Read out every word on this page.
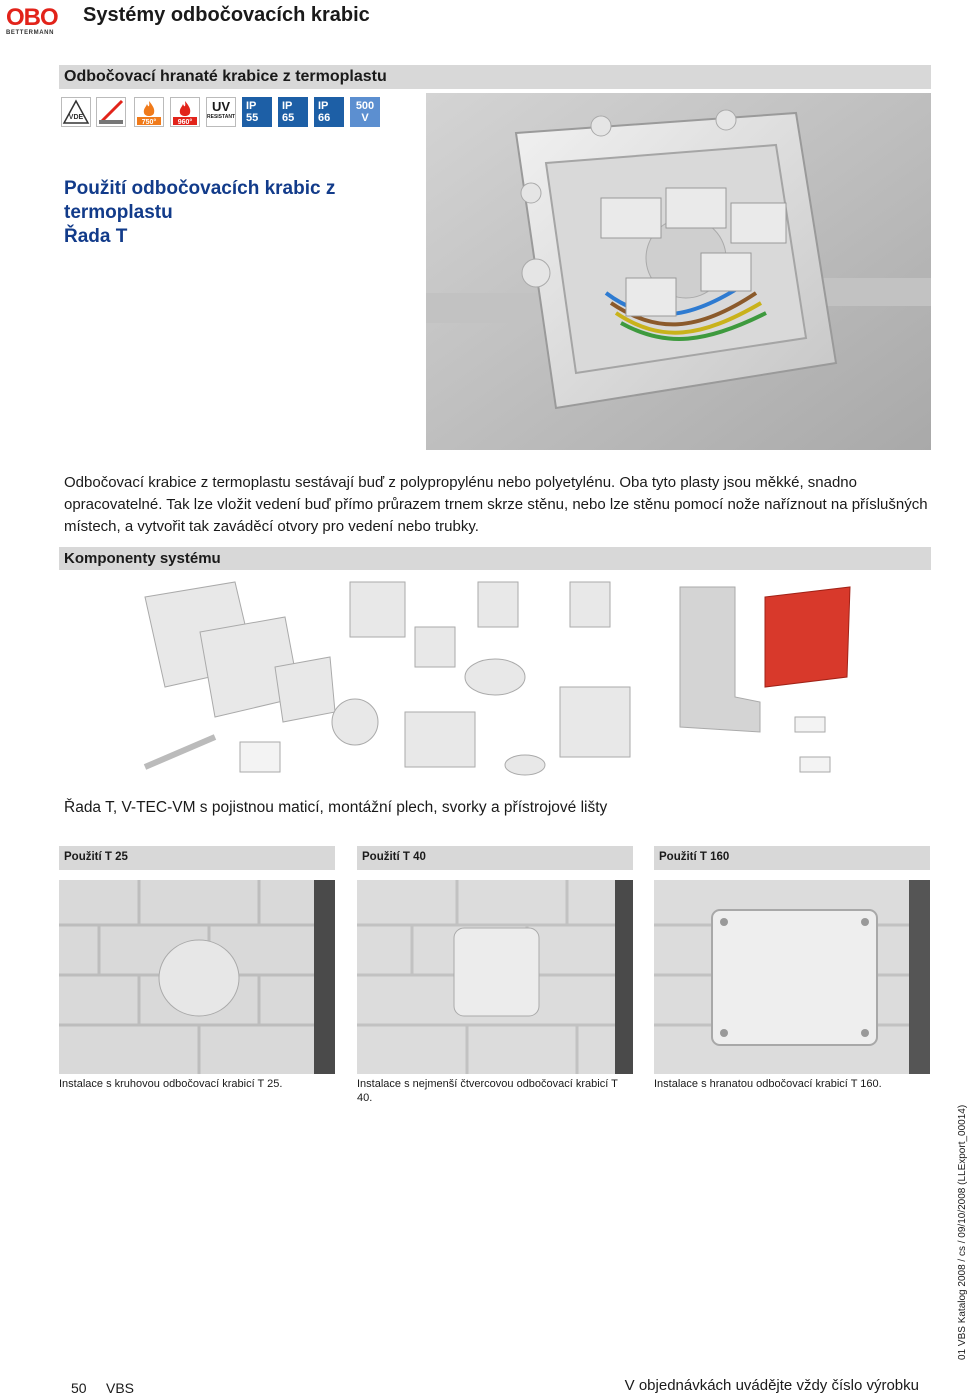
OBO
BETTERMANN
Systémy odbočovacích krabic
Odbočovací hranaté krabice z termoplastu
VDE
750°	960°
UV
RESISTANT
IP
55
IP
65
IP
66
500
V
Použití odbočovacích krabic z
termoplastu
Řada T
Odbočovací krabice z termoplastu sestávají buď z polypropylénu nebo polyetylénu. Oba tyto plasty jsou měkké, snadno opracovatelné. Tak lze vložit vedení buď přímo průrazem trnem skrze stěnu, nebo lze stěnu pomocí nože naříznout na příslušných místech, a vytvořit tak zaváděcí otvory pro vedení nebo trubky.
Komponenty systému
Řada T, V-TEC-VM s pojistnou maticí, montážní plech, svorky a přístrojové lišty
Použití T 25	Použití T 40	Použití T 160
Instalace s kruhovou odbočovací krabicí T 25.	Instalace s nejmenší čtvercovou odbočovací krabicí T 40.
Instalace s hranatou odbočovací krabicí T 160.
01 VBS Katalog 2008 / cs / 09/10/2008 (LLExport_00014)
50 VBS	V objednávkách uvádějte vždy číslo výrobku
